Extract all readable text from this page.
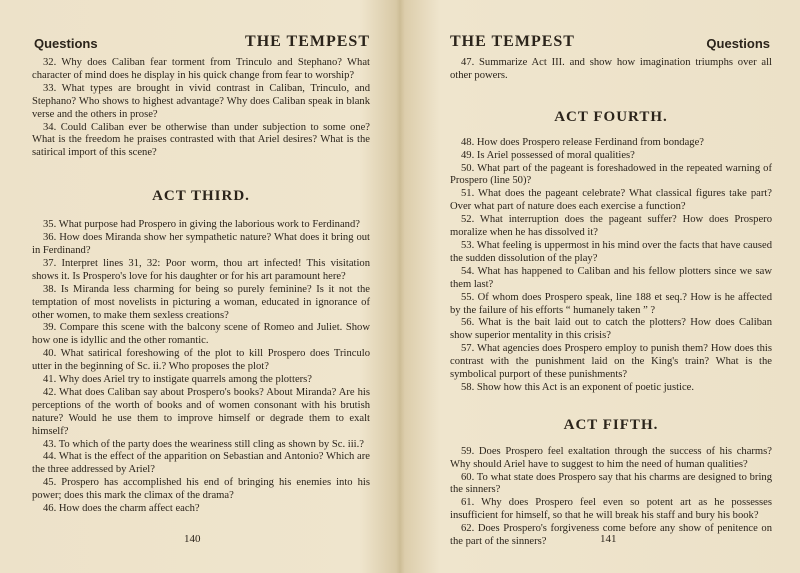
Questions	THE TEMPEST

32. Why does Caliban fear torment from Trinculo and Stephano? What character of mind does he display in his quick change from fear to worship?

33. What types are brought in vivid contrast in Caliban, Trinculo, and Stephano? Who shows to highest advantage? Why does Caliban speak in blank verse and the others in prose?

34. Could Caliban ever be otherwise than under subjection to some one? What is the freedom he praises contrasted with that Ariel desires? What is the satirical import of this scene?

ACT THIRD.

35. What purpose had Prospero in giving the laborious work to Ferdinand?

36. How does Miranda show her sympathetic nature? What does it bring out in Ferdinand?

37. Interpret lines 31, 32: Poor worm, thou art infected! This visitation shows it. Is Prospero's love for his daughter or for his art paramount here?

38. Is Miranda less charming for being so purely feminine? Is it not the temptation of most novelists in picturing a woman, educated in ignorance of other women, to make them sexless creations?

39. Compare this scene with the balcony scene of Romeo and Juliet. Show how one is idyllic and the other romantic.

40. What satirical foreshowing of the plot to kill Prospero does Trinculo utter in the beginning of Sc. ii.? Who proposes the plot?

41. Why does Ariel try to instigate quarrels among the plotters?

42. What does Caliban say about Prospero's books? About Miranda? Are his perceptions of the worth of books and of women consonant with his brutish nature? Would he use them to improve himself or degrade them to exalt himself?

43. To which of the party does the weariness still cling as shown by Sc. iii.?

44. What is the effect of the apparition on Sebastian and Antonio? Which are the three addressed by Ariel?

45. Prospero has accomplished his end of bringing his enemies into his power; does this mark the climax of the drama?

46. How does the charm affect each?

140
THE TEMPEST	Questions

47. Summarize Act III. and show how imagination triumphs over all other powers.

ACT FOURTH.

48. How does Prospero release Ferdinand from bondage?

49. Is Ariel possessed of moral qualities?

50. What part of the pageant is foreshadowed in the repeated warning of Prospero (line 50)?

51. What does the pageant celebrate? What classical figures take part? Over what part of nature does each exercise a function?

52. What interruption does the pageant suffer? How does Prospero moralize when he has dissolved it?

53. What feeling is uppermost in his mind over the facts that have caused the sudden dissolution of the play?

54. What has happened to Caliban and his fellow plotters since we saw them last?

55. Of whom does Prospero speak, line 188 et seq.? How is he affected by the failure of his efforts “ humanely taken ” ?

56. What is the bait laid out to catch the plotters? How does Caliban show superior mentality in this crisis?

57. What agencies does Prospero employ to punish them? How does this contrast with the punishment laid on the King's train? What is the symbolical purport of these punishments?

58. Show how this Act is an exponent of poetic justice.

ACT FIFTH.

59. Does Prospero feel exaltation through the success of his charms? Why should Ariel have to suggest to him the need of human qualities?

60. To what state does Prospero say that his charms are designed to bring the sinners?

61. Why does Prospero feel even so potent art as he possesses insufficient for himself, so that he will break his staff and bury his book?

62. Does Prospero's forgiveness come before any show of penitence on the part of the sinners?	141
